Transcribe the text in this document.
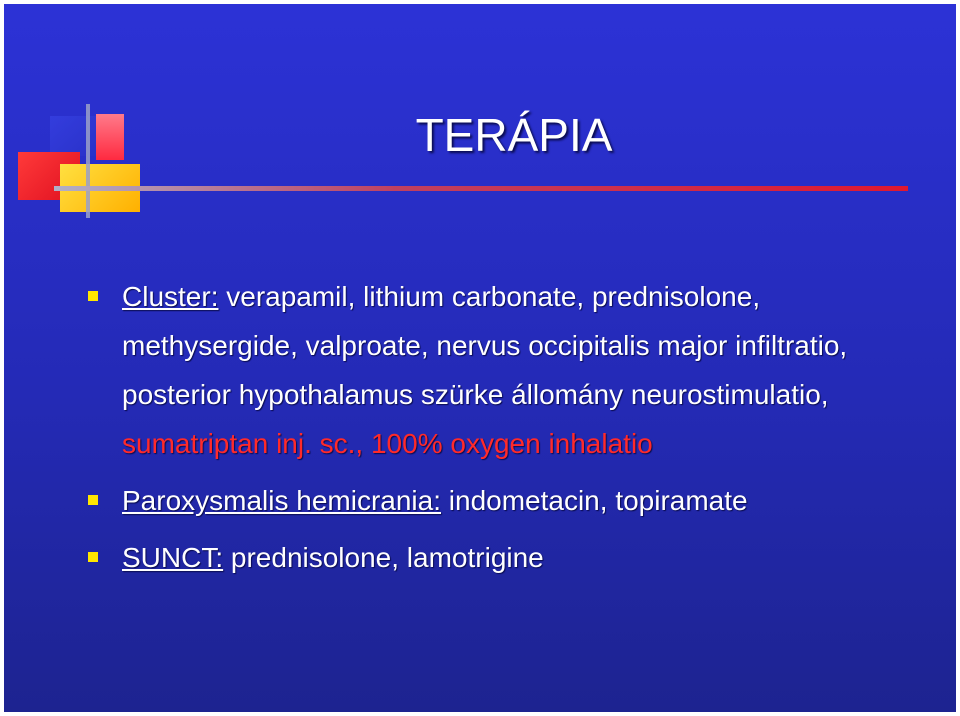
TERÁPIA
Cluster: verapamil, lithium carbonate, prednisolone, methysergide, valproate, nervus occipitalis major infiltratio, posterior hypothalamus szürke állomány neurostimulatio, sumatriptan inj. sc., 100% oxygen inhalatio
Paroxysmalis hemicrania: indometacin, topiramate
SUNCT: prednisolone, lamotrigine
